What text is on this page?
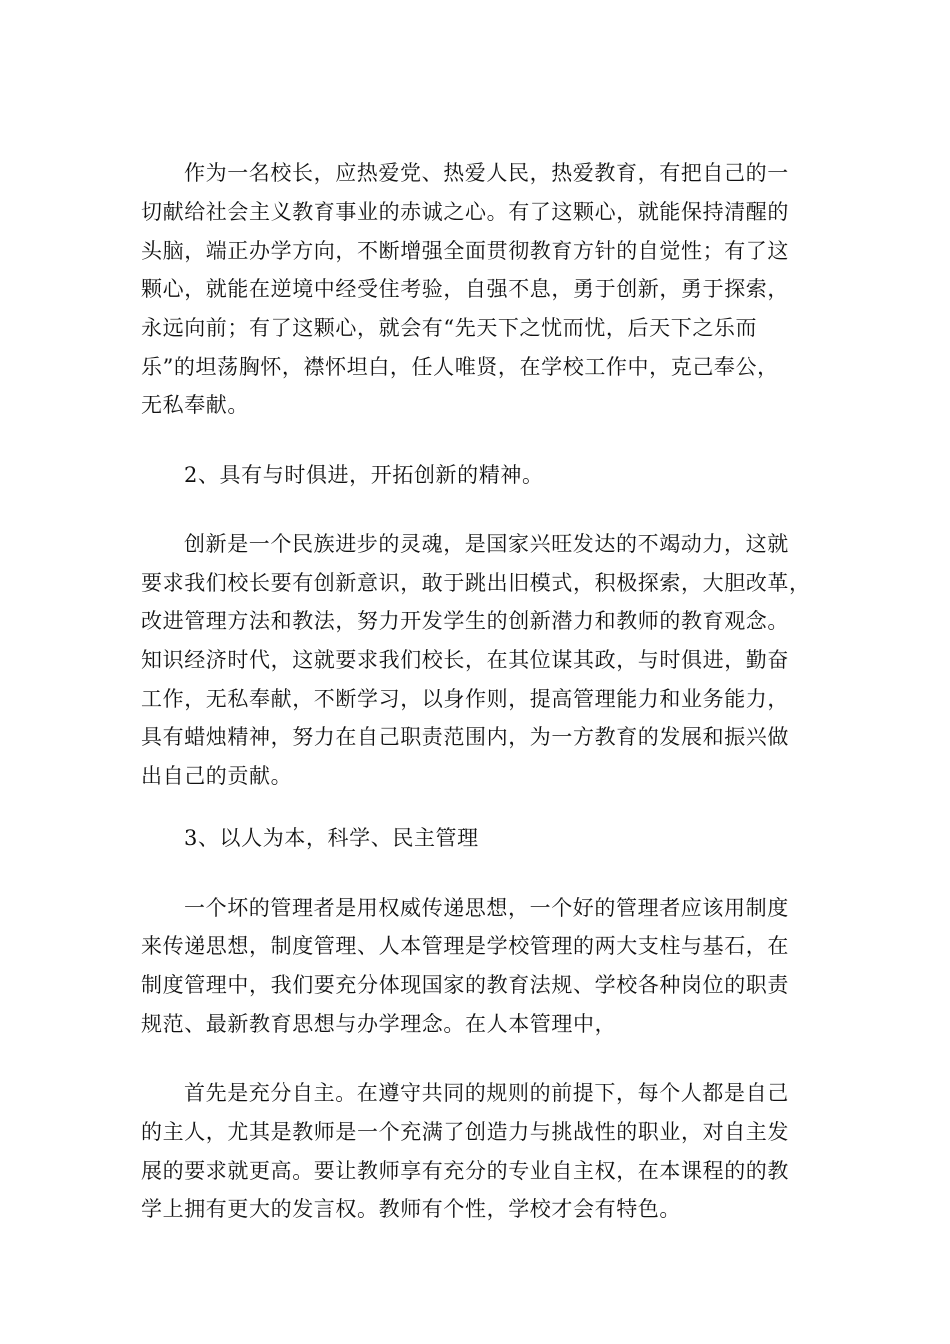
作为一名校长，应热爱党、热爱人民，热爱教育，有把自己的一
切献给社会主义教育事业的赤诚之心。有了这颗心，就能保持清醒的
头脑，端正办学方向，不断增强全面贯彻教育方针的自觉性；有了这
颗心，就能在逆境中经受住考验，自强不息，勇于创新，勇于探索，
永远向前；有了这颗心，就会有“先天下之忧而忧，后天下之乐而
乐”的坦荡胸怀，襟怀坦白，任人唯贤，在学校工作中，克己奉公，
无私奉献。
2、具有与时俱进，开拓创新的精神。
创新是一个民族进步的灵魂，是国家兴旺发达的不竭动力，这就
要求我们校长要有创新意识，敢于跳出旧模式，积极探索，大胆改革，
改进管理方法和教法，努力开发学生的创新潜力和教师的教育观念。
知识经济时代，这就要求我们校长，在其位谋其政，与时俱进，勤奋
工作，无私奉献，不断学习，以身作则，提高管理能力和业务能力，
具有蜡烛精神，努力在自己职责范围内，为一方教育的发展和振兴做
出自己的贡献。
3、以人为本，科学、民主管理
一个坏的管理者是用权威传递思想，一个好的管理者应该用制度
来传递思想，制度管理、人本管理是学校管理的两大支柱与基石，在
制度管理中，我们要充分体现国家的教育法规、学校各种岗位的职责
规范、最新教育思想与办学理念。在人本管理中，
首先是充分自主。在遵守共同的规则的前提下，每个人都是自己
的主人，尤其是教师是一个充满了创造力与挑战性的职业，对自主发
展的要求就更高。要让教师享有充分的专业自主权，在本课程的的教
学上拥有更大的发言权。教师有个性，学校才会有特色。
